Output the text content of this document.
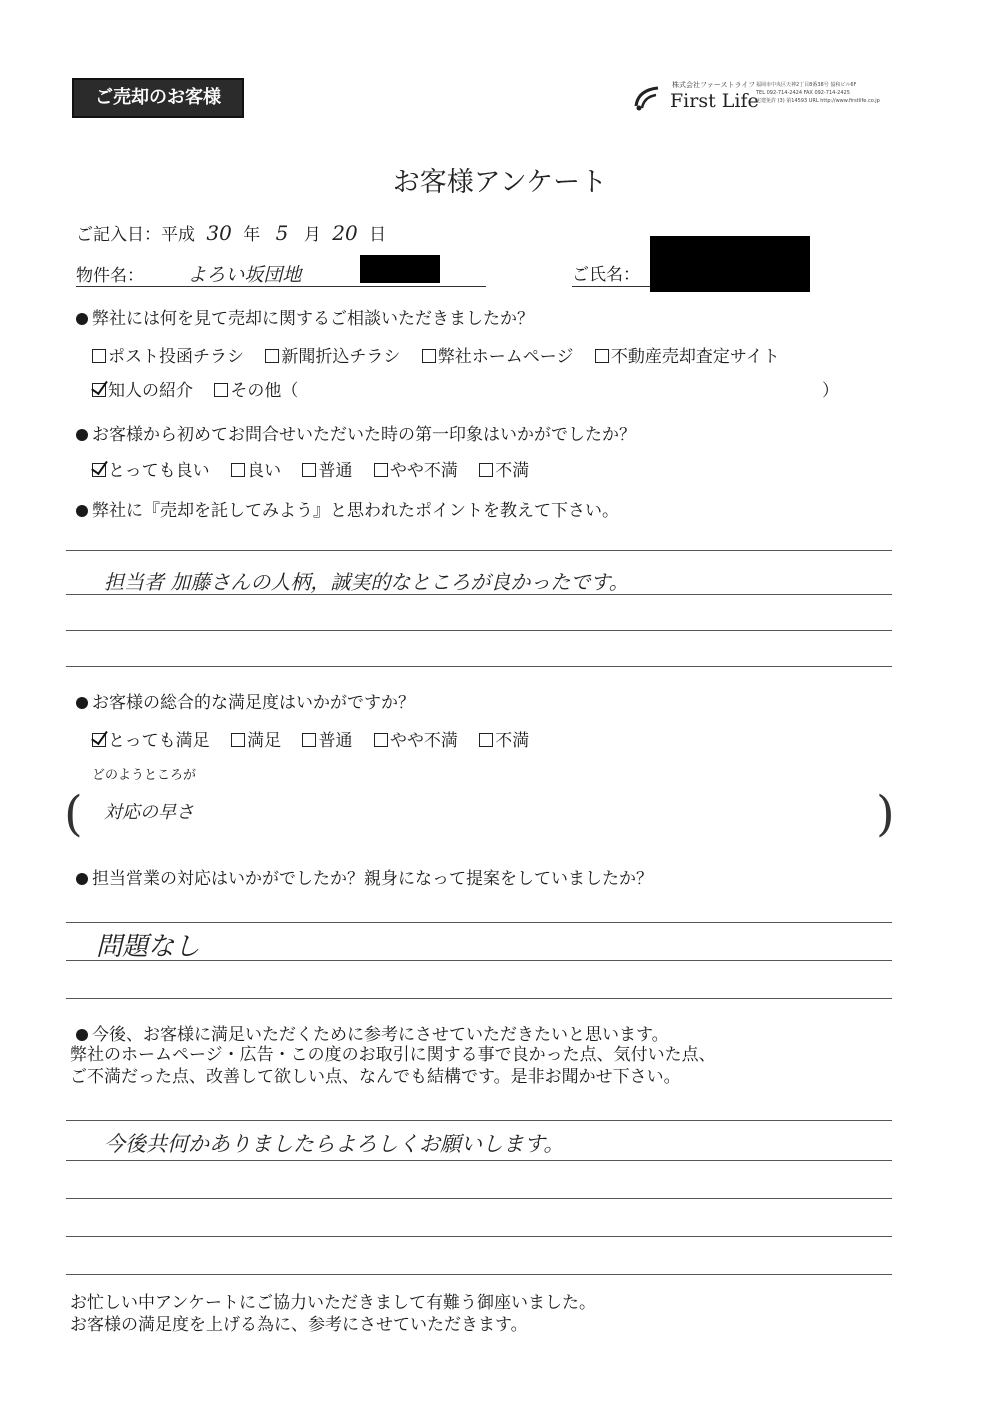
ご売却のお客様
株式会社ファーストライフ
First Life
福岡市中央区天神2丁目8番38号 協和ビル6F
TEL 092-714-2424 FAX 092-714-2425
宅建免許 (3) 第14593 URL http://www.firstlife.co.jp
お客様アンケート
ご記入日：平成 30 年 5 月 20 日
物件名： よろい坂団地	ご氏名：
弊社には何を見て売却に関するご相談いただきましたか？
ポスト投函チラシ 新聞折込チラシ 弊社ホームページ 不動産売却査定サイト
知人の紹介 その他（	）
お客様から初めてお問合せいただいた時の第一印象はいかがでしたか？
とっても良い 良い 普通 やや不満 不満
弊社に『売却を託してみよう』と思われたポイントを教えて下さい。
担当者 加藤さんの人柄，誠実的なところが良かったです。
お客様の総合的な満足度はいかがですか？
とっても満足 満足 普通 やや不満 不満
どのようところが
( 対応の早さ	)
担当営業の対応はいかがでしたか？親身になって提案をしていましたか？
問題なし
今後、お客様に満足いただくために参考にさせていただきたいと思います。
弊社のホームページ・広告・この度のお取引に関する事で良かった点、気付いた点、
ご不満だった点、改善して欲しい点、なんでも結構です。是非お聞かせ下さい。
今後共何かありましたらよろしくお願いします。
お忙しい中アンケートにご協力いただきまして有難う御座いました。
お客様の満足度を上げる為に、参考にさせていただきます。
